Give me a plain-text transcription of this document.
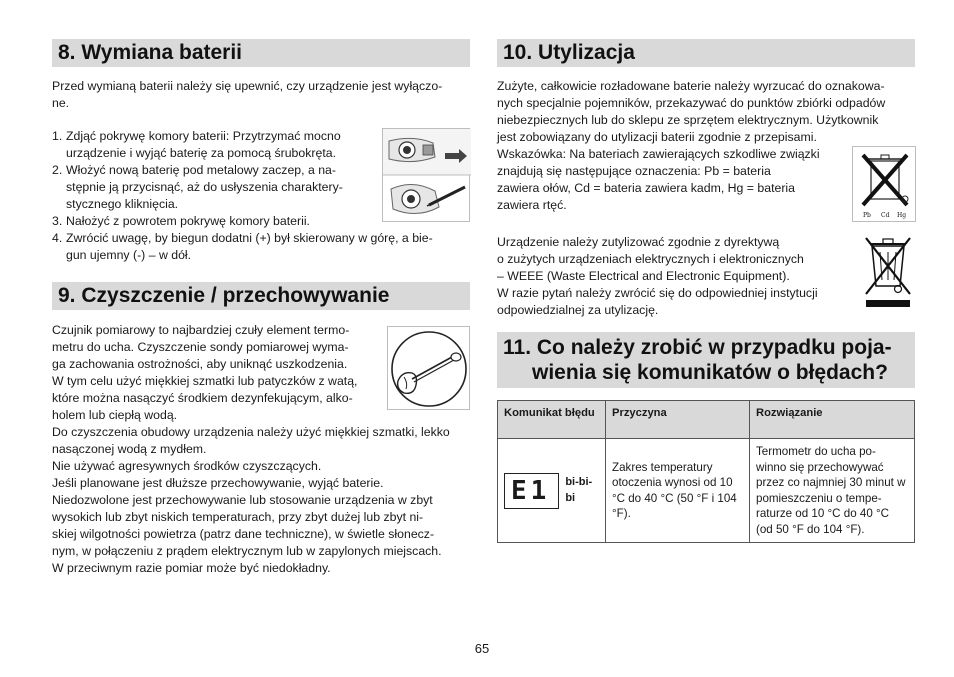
8. Wymiana baterii
Przed wymianą baterii należy się upewnić, czy urządzenie jest wyłączo-
ne.
1. Zdjąć pokrywę komory baterii: Przytrzymać mocno
urządzenie i wyjąć baterię za pomocą śrubokręta.
2. Włożyć nową baterię pod metalowy zaczep, a na-
stępnie ją przycisnąć, aż do usłyszenia charaktery-
stycznego kliknięcia.
3. Nałożyć z powrotem pokrywę komory baterii.
4. Zwrócić uwagę, by biegun dodatni (+) był skierowany w górę, a bie-
gun ujemny (-) – w dół.
9. Czyszczenie / przechowywanie
Czujnik pomiarowy to najbardziej czuły element termo-
metru do ucha. Czyszczenie sondy pomiarowej wyma-
ga zachowania ostrożności, aby uniknąć uszkodzenia.
W tym celu użyć miękkiej szmatki lub patyczków z watą,
które można nasączyć środkiem dezynfekującym, alko-
holem lub ciepłą wodą.
Do czyszczenia obudowy urządzenia należy użyć miękkiej szmatki, lekko
nasączonej wodą z mydłem.
Nie używać agresywnych środków czyszczących.
Jeśli planowane jest dłuższe przechowywanie, wyjąć baterie.
Niedozwolone jest przechowywanie lub stosowanie urządzenia w zbyt
wysokich lub zbyt niskich temperaturach, przy zbyt dużej lub zbyt ni-
skiej wilgotności powietrza (patrz dane techniczne), w świetle słonecz-
nym, w połączeniu z prądem elektrycznym lub w zapylonych miejscach.
W przeciwnym razie pomiar może być niedokładny.
10. Utylizacja
Zużyte, całkowicie rozładowane baterie należy wyrzucać do oznakowa-
nych specjalnie pojemników, przekazywać do punktów zbiórki odpadów
niebezpiecznych lub do sklepu ze sprzętem elektrycznym. Użytkownik
jest zobowiązany do utylizacji baterii zgodnie z przepisami.
Wskazówka: Na bateriach zawierających szkodliwe związki
znajdują się następujące oznaczenia: Pb = bateria
zawiera ołów, Cd = bateria zawiera kadm, Hg = bateria
zawiera rtęć.
Pb Cd Hg
Urządzenie należy zutylizować zgodnie z dyrektywą
o zużytych urządzeniach elektrycznych i elektronicznych
– WEEE (Waste Electrical and Electronic Equipment).
W razie pytań należy zwrócić się do odpowiedniej instytucji
odpowiedzialnej za utylizację.
11. Co należy zrobić w przypadku poja-
wienia się komunikatów o błędach?
Komunikat błędu	Przyczyna	Rozwiązanie

E1 bi-bi-bi	Zakres temperatury otoczenia wynosi od 10 °C do 40 °C (50 °F i 104 °F).	Termometr do ucha po- winno się przechowywać przez co najmniej 30 minut w pomieszczeniu o tempe- raturze od 10 °C do 40 °C (od 50 °F do 104 °F).
65
